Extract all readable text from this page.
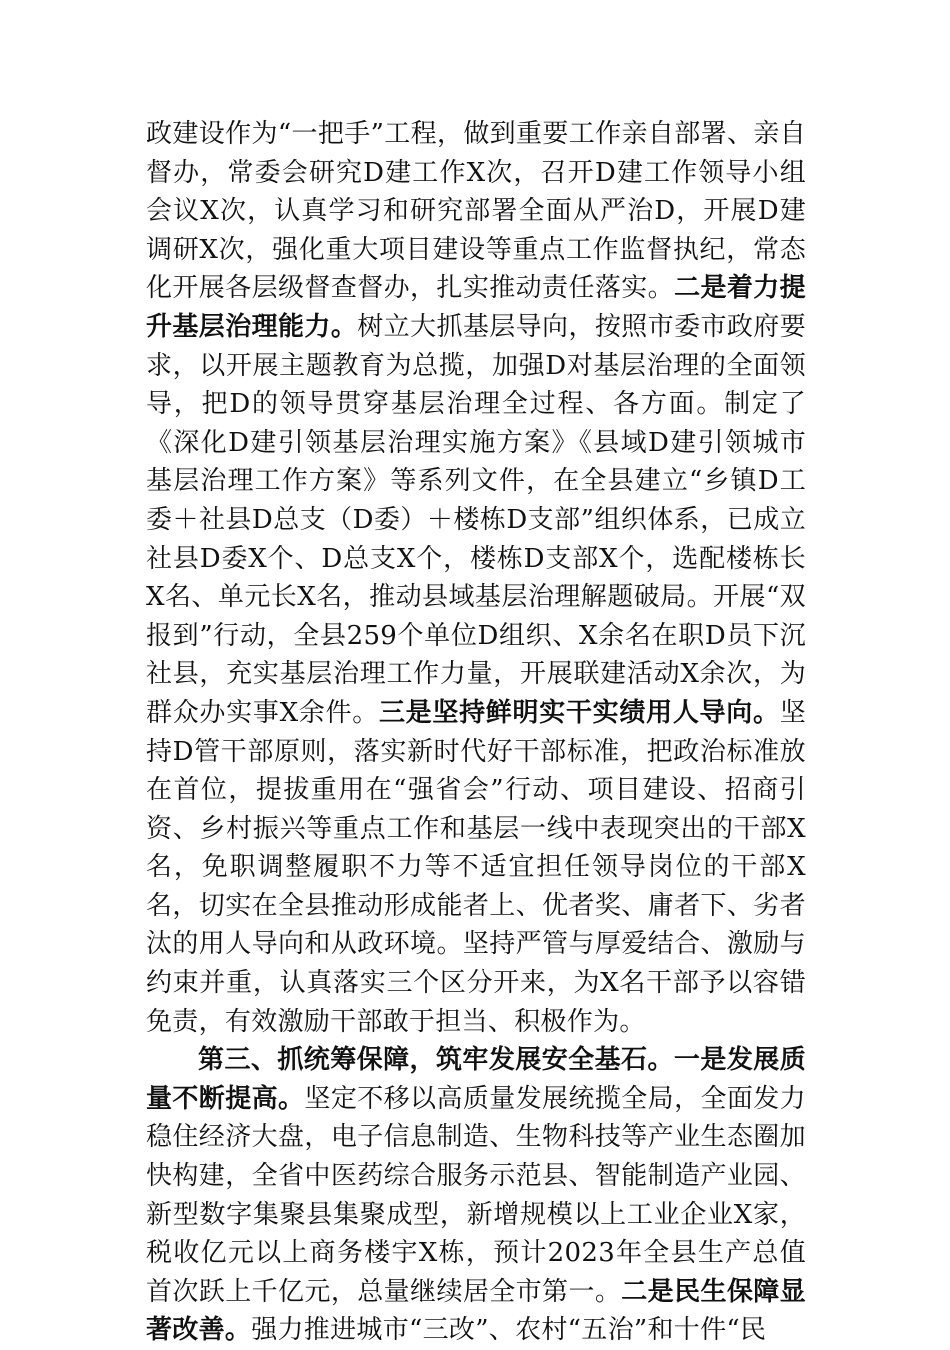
政建设作为“一把手”工程，做到重要工作亲自部署、亲自督办，常委会研究D建工作X次，召开D建工作领导小组会议X次，认真学习和研究部署全面从严治D，开展D建调研X次，强化重大项目建设等重点工作监督执纪，常态化开展各层级督查督办，扎实推动责任落实。二是着力提升基层治理能力。树立大抓基层导向，按照市委市政府要求，以开展主题教育为总揽，加强D对基层治理的全面领导，把D的领导贯穿基层治理全过程、各方面。制定了《深化D建引领基层治理实施方案》《县域D建引领城市基层治理工作方案》等系列文件，在全县建立“乡镇D工委＋社县D总支（D委）＋楼栋D支部”组织体系，已成立社县D委X个、D总支X个，楼栋D支部X个，选配楼栋长X名、单元长X名，推动县域基层治理解题破局。开展“双报到”行动，全县259个单位D组织、X余名在职D员下沉社县，充实基层治理工作力量，开展联建活动X余次，为群众办实事X余件。三是坚持鲜明实干实绩用人导向。坚持D管干部原则，落实新时代好干部标准，把政治标准放在首位，提拔重用在“强省会”行动、项目建设、招商引资、乡村振兴等重点工作和基层一线中表现突出的干部X名，免职调整履职不力等不适宜担任领导岗位的干部X名，切实在全县推动形成能者上、优者奖、庸者下、劣者汰的用人导向和从政环境。坚持严管与厚爱结合、激励与约束并重，认真落实三个区分开来，为X名干部予以容错免责，有效激励干部敢于担当、积极作为。

第三、抓统筹保障，筑牢发展安全基石。一是发展质量不断提高。坚定不移以高质量发展统揽全局，全面发力稳住经济大盘，电子信息制造、生物科技等产业生态圈加快构建，全省中医药综合服务示范县、智能制造产业园、新型数字集聚县集聚成型，新增规模以上工业企业X家，税收亿元以上商务楼宇X栋，预计2023年全县生产总值首次跃上千亿元，总量继续居全市第一。二是民生保障显著改善。强力推进城市“三改”、农村“五治”和十件“民
